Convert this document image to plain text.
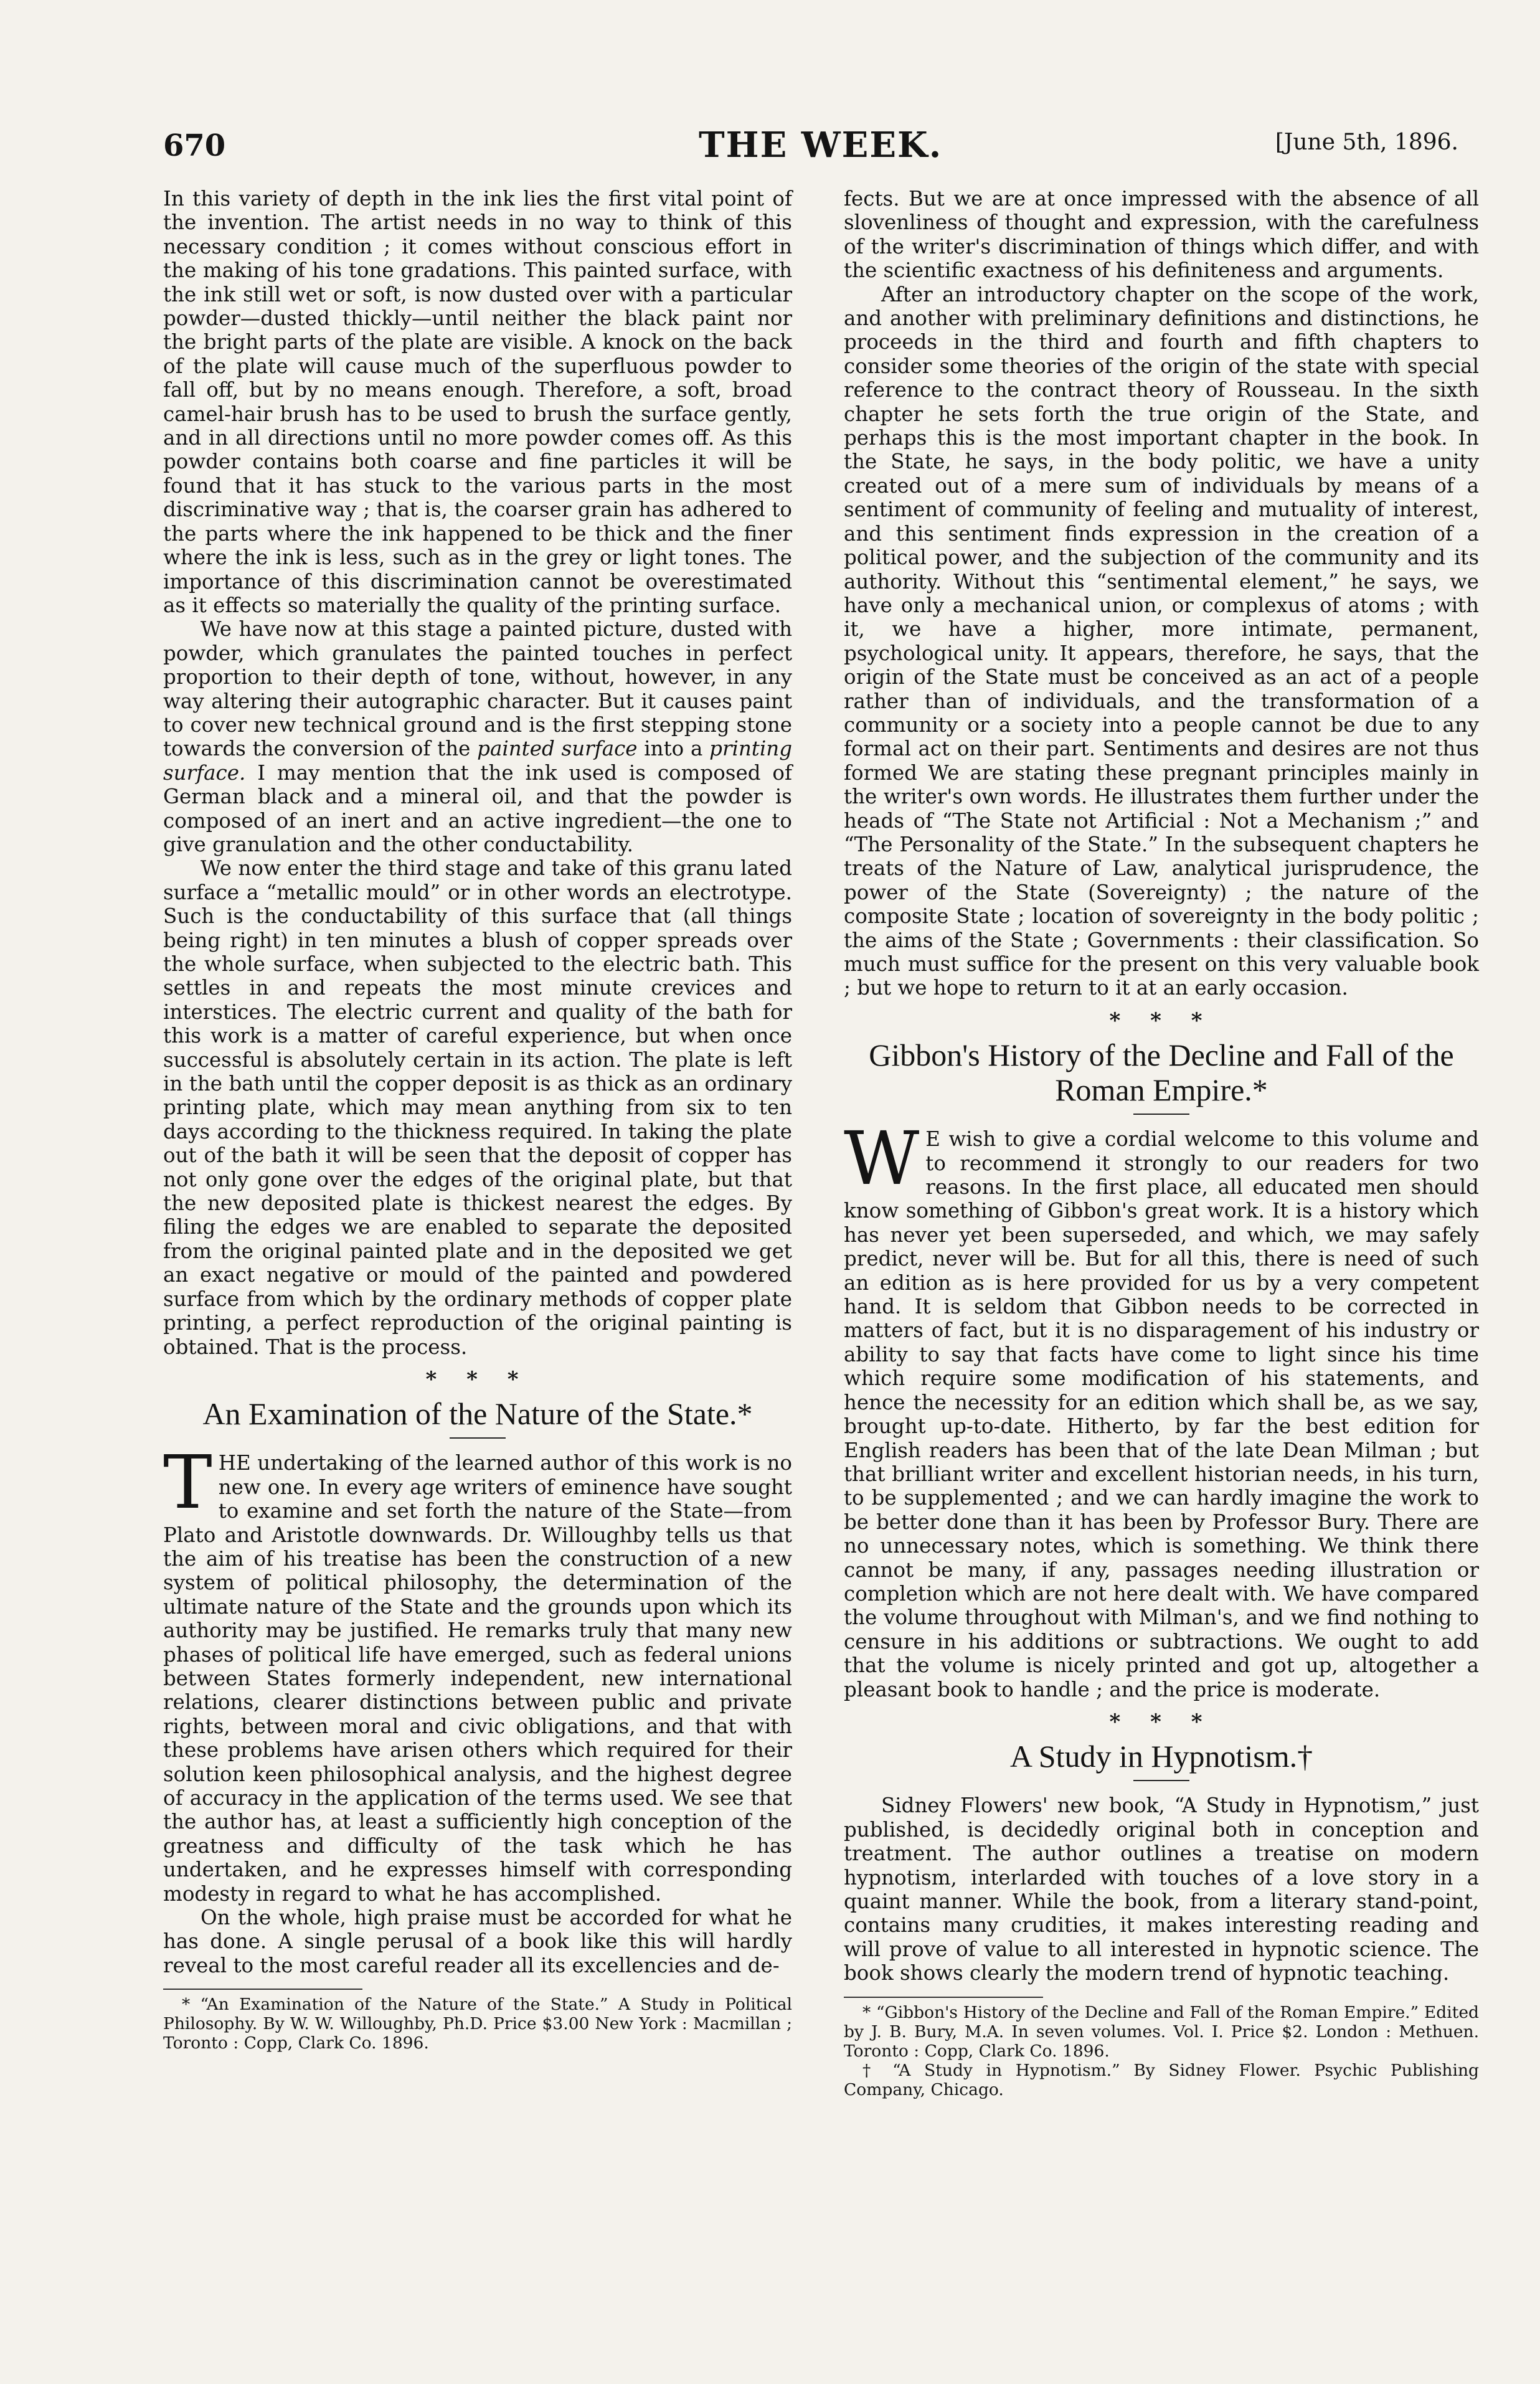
670	THE WEEK.	[June 5th, 1896.

In this variety of depth in the ink lies the first vital point of the invention. The artist needs in no way to think of this necessary condition ; it comes without conscious effort in the making of his tone gradations. This painted surface, with the ink still wet or soft, is now dusted over with a particular powder—dusted thickly—until neither the black paint nor the bright parts of the plate are visible. A knock on the back of the plate will cause much of the superfluous powder to fall off, but by no means enough. Therefore, a soft, broad camel-hair brush has to be used to brush the surface gently, and in all directions until no more powder comes off. As this powder contains both coarse and fine particles it will be found that it has stuck to the various parts in the most discriminative way ; that is, the coarser grain has adhered to the parts where the ink happened to be thick and the finer where the ink is less, such as in the grey or light tones. The importance of this discrimination cannot be overestimated as it effects so materially the quality of the printing surface.

We have now at this stage a painted picture, dusted with powder, which granulates the painted touches in perfect proportion to their depth of tone, without, however, in any way altering their autographic character. But it causes paint to cover new technical ground and is the first stepping stone towards the conversion of the painted surface into a printing surface. I may mention that the ink used is composed of German black and a mineral oil, and that the powder is composed of an inert and an active ingredient—the one to give granulation and the other conductability.

We now enter the third stage and take of this granu lated surface a “metallic mould” or in other words an electrotype. Such is the conductability of this surface that (all things being right) in ten minutes a blush of copper spreads over the whole surface, when subjected to the electric bath. This settles in and repeats the most minute crevices and interstices. The electric current and quality of the bath for this work is a matter of careful experience, but when once successful is absolutely certain in its action. The plate is left in the bath until the copper deposit is as thick as an ordinary printing plate, which may mean anything from six to ten days according to the thickness required. In taking the plate out of the bath it will be seen that the deposit of copper has not only gone over the edges of the original plate, but that the new deposited plate is thickest nearest the edges. By filing the edges we are enabled to separate the deposited from the original painted plate and in the deposited we get an exact negative or mould of the painted and powdered surface from which by the ordinary methods of copper plate printing, a perfect reproduction of the original painting is obtained. That is the process.

* * *
An Examination of the Nature of the State.*

THE undertaking of the learned author of this work is no new one. In every age writers of eminence have sought to examine and set forth the nature of the State—from Plato and Aristotle downwards. Dr. Willoughby tells us that the aim of his treatise has been the construction of a new system of political philosophy, the determination of the ultimate nature of the State and the grounds upon which its authority may be justified. He remarks truly that many new phases of political life have emerged, such as federal unions between States formerly independent, new international relations, clearer distinctions between public and private rights, between moral and civic obligations, and that with these problems have arisen others which required for their solution keen philosophical analysis, and the highest degree of accuracy in the application of the terms used. We see that the author has, at least a sufficiently high conception of the greatness and difficulty of the task which he has undertaken, and he expresses himself with corresponding modesty in regard to what he has accomplished.

On the whole, high praise must be accorded for what he has done. A single perusal of a book like this will hardly reveal to the most careful reader all its excellencies and de-

* “An Examination of the Nature of the State.” A Study in Political Philosophy. By W. W. Willoughby, Ph.D. Price $3.00 New York : Macmillan ; Toronto : Copp, Clark Co. 1896.

fects. But we are at once impressed with the absence of all slovenliness of thought and expression, with the carefulness of the writer's discrimination of things which differ, and with the scientific exactness of his definiteness and arguments.

After an introductory chapter on the scope of the work, and another with preliminary definitions and distinctions, he proceeds in the third and fourth and fifth chapters to consider some theories of the origin of the state with special reference to the contract theory of Rousseau. In the sixth chapter he sets forth the true origin of the State, and perhaps this is the most important chapter in the book. In the State, he says, in the body politic, we have a unity created out of a mere sum of individuals by means of a sentiment of community of feeling and mutuality of interest, and this sentiment finds expression in the creation of a political power, and the subjection of the community and its authority. Without this “sentimental element,” he says, we have only a mechanical union, or complexus of atoms ; with it, we have a higher, more intimate, permanent, psychological unity. It appears, therefore, he says, that the origin of the State must be conceived as an act of a people rather than of individuals, and the transformation of a community or a society into a people cannot be due to any formal act on their part. Sentiments and desires are not thus formed We are stating these pregnant principles mainly in the writer's own words. He illustrates them further under the heads of “The State not Artificial : Not a Mechanism ;” and “The Personality of the State.” In the subsequent chapters he treats of the Nature of Law, analytical jurisprudence, the power of the State (Sovereignty) ; the nature of the composite State ; location of sovereignty in the body politic ; the aims of the State ; Governments : their classification. So much must suffice for the present on this very valuable book ; but we hope to return to it at an early occasion.

* * *
Gibbon's History of the Decline and Fall of the Roman Empire.*

W E wish to give a cordial welcome to this volume and to recommend it strongly to our readers for two reasons. In the first place, all educated men should know something of Gibbon's great work. It is a history which has never yet been superseded, and which, we may safely predict, never will be. But for all this, there is need of such an edition as is here provided for us by a very competent hand. It is seldom that Gibbon needs to be corrected in matters of fact, but it is no disparagement of his industry or ability to say that facts have come to light since his time which require some modification of his statements, and hence the necessity for an edition which shall be, as we say, brought up-to-date. Hitherto, by far the best edition for English readers has been that of the late Dean Milman ; but that brilliant writer and excellent historian needs, in his turn, to be supplemented ; and we can hardly imagine the work to be better done than it has been by Professor Bury. There are no unnecessary notes, which is something. We think there cannot be many, if any, passages needing illustration or completion which are not here dealt with. We have compared the volume throughout with Milman's, and we find nothing to censure in his additions or subtractions. We ought to add that the volume is nicely printed and got up, altogether a pleasant book to handle ; and the price is moderate.

* * *
A Study in Hypnotism.†

Sidney Flowers' new book, “A Study in Hypnotism,” just published, is decidedly original both in conception and treatment. The author outlines a treatise on modern hypnotism, interlarded with touches of a love story in a quaint manner. While the book, from a literary stand-point, contains many crudities, it makes interesting reading and will prove of value to all interested in hypnotic science. The book shows clearly the modern trend of hypnotic teaching.

* “Gibbon's History of the Decline and Fall of the Roman Empire.” Edited by J. B. Bury, M.A. In seven volumes. Vol. I. Price $2. London : Methuen. Toronto : Copp, Clark Co. 1896.

† “A Study in Hypnotism.” By Sidney Flower. Psychic Publishing Company, Chicago.
